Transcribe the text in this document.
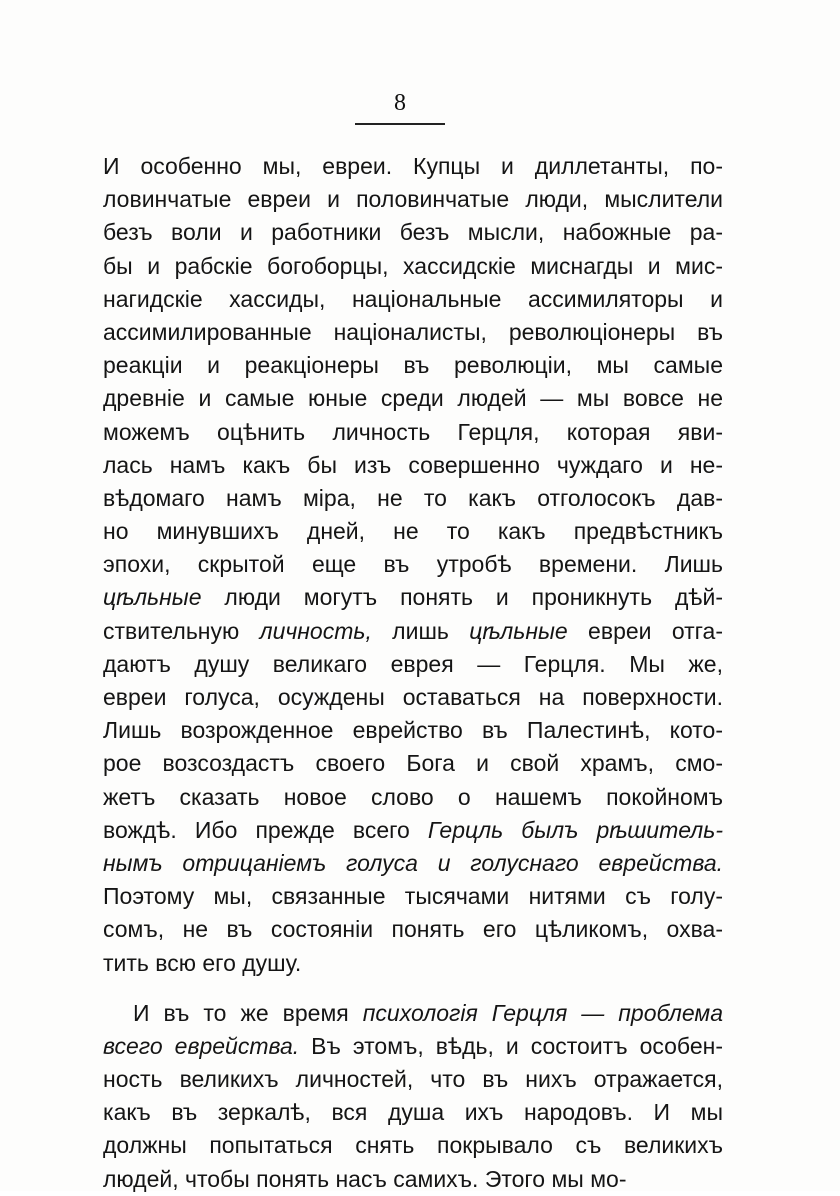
8
И особенно мы, евреи. Купцы и диллетанты, по-
ловинчатые евреи и половинчатые люди, мыслители
безъ воли и работники безъ мысли, набожные ра-
бы и рабскiе богоборцы, хассидскiе миснагды и мис-
нагидскiе хассиды, нацiональные ассимиляторы и
ассимилированные нацiоналисты, революцiонеры въ
реакцiи и реакцiонеры въ революцiи, мы самые
древнiе и самые юные среди людей — мы вовсе не
можемъ оцѣнить личность Герцля, которая яви-
лась намъ какъ бы изъ совершенно чуждаго и не-
вѣдомаго намъ мiра, не то какъ отголосокъ дав-
но минувшихъ дней, не то какъ предвѣстникъ
эпохи, скрытой еще въ утробѣ времени. Лишь
цѣльные люди могутъ понять и проникнуть дѣй-
ствительную личность, лишь цѣльные евреи отга-
даютъ душу великаго еврея — Герцля. Мы же,
евреи голуса, осуждены оставаться на поверхности.
Лишь возрожденное еврейство въ Палестинѣ, кото-
рое возсоздастъ своего Бога и свой храмъ, смо-
жетъ сказать новое слово о нашемъ покойномъ
вождѣ. Ибо прежде всего Герцль былъ рѣшитель-
нымъ отрицанiемъ голуса и голуснаго еврейства.
Поэтому мы, связанные тысячами нитями съ голу-
сомъ, не въ состоянiи понять его цѣликомъ, охва-
тить всю его душу.
И въ то же время психологiя Герцля — проблема
всего еврейства. Въ этомъ, вѣдь, и состоитъ особен-
ность великихъ личностей, что въ нихъ отражается,
какъ въ зеркалѣ, вся душа ихъ народовъ. И мы
должны попытаться снять покрывало съ великихъ
людей, чтобы понять насъ самихъ. Этого мы мо-
